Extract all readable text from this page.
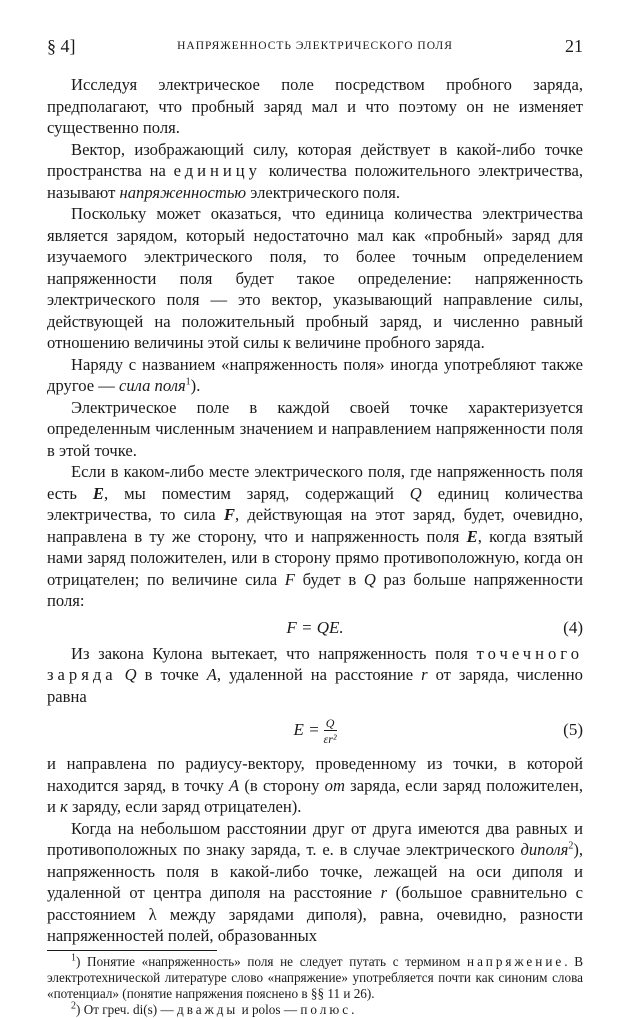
§ 4]	НАПРЯЖЕННОСТЬ ЭЛЕКТРИЧЕСКОГО ПОЛЯ	21

Исследуя электрическое поле посредством пробного заряда, предполагают, что пробный заряд мал и что поэтому он не изменяет существенно поля.

Вектор, изображающий силу, которая действует в какой-либо точке пространства на единицу количества положительного электричества, называют напряженностью электрического поля.

Поскольку может оказаться, что единица количества электричества является зарядом, который недостаточно мал как «пробный» заряд для изучаемого электрического поля, то более точным определением напряженности поля будет такое определение: напряженность электрического поля — это вектор, указывающий направление силы, действующей на положительный пробный заряд, и численно равный отношению величины этой силы к величине пробного заряда.

Наряду с названием «напряженность поля» иногда употребляют также другое — сила поля$^1$).

Электрическое поле в каждой своей точке характеризуется определенным численным значением и направлением напряженности поля в этой точке.

Если в каком-либо месте электрического поля, где напряженность поля есть E, мы поместим заряд, содержащий Q единиц количества электричества, то сила F, действующая на этот заряд, будет, очевидно, направлена в ту же сторону, что и напряженность поля E, когда взятый нами заряд положителен, или в сторону прямо противоположную, когда он отрицателен; по величине сила F будет в Q раз больше напряженности поля:

F = QE.	(4)

Из закона Кулона вытекает, что напряженность поля точечного заряда Q в точке A, удаленной на расстояние r от заряда, численно равна

$E = \frac{Q}{\text{εr²}}$	(5)

и направлена по радиусу-вектору, проведенному из точки, в которой находится заряд, в точку A (в сторону от заряда, если заряд положителен, и к заряду, если заряд отрицателен).

Когда на небольшом расстоянии друг от друга имеются два равных и противоположных по знаку заряда, т. е. в случае электрического диполя$^2$), напряженность поля в какой-либо точке, лежащей на оси диполя и удаленной от центра диполя на расстояние r (большое сравнительно с расстоянием λ между зарядами диполя), равна, очевидно, разности напряженностей полей, образованных

$^1$) Понятие «напряженность» поля не следует путать с термином напряжение. В электротехнической литературе слово «напряжение» употребляется почти как синоним слова «потенциал» (понятие напряжения пояснено в §§ 11 и 26).

$^2$) От греч. di(s) — дважды и polos — полюс.
